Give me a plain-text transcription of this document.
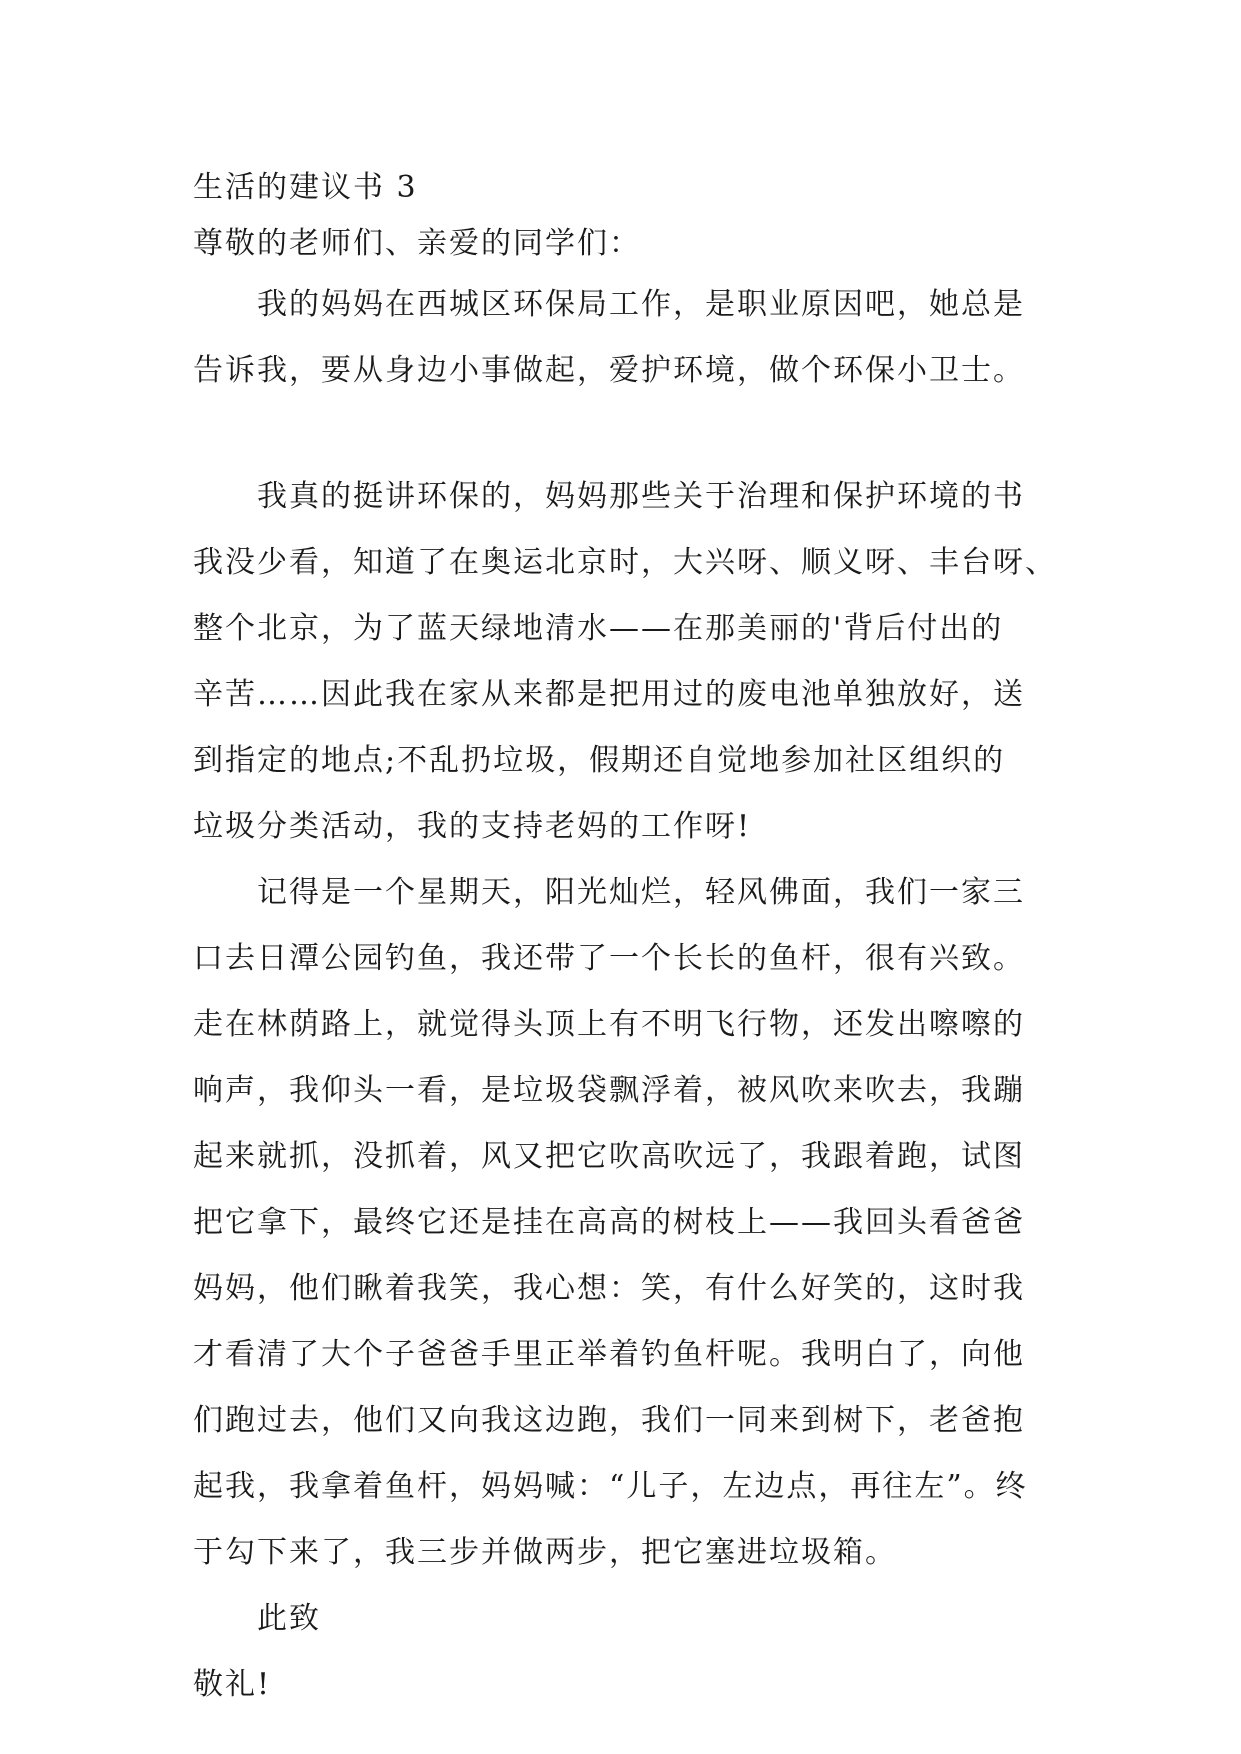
生活的建议书 3
尊敬的老师们、亲爱的同学们：
我的妈妈在西城区环保局工作，是职业原因吧，她总是
告诉我，要从身边小事做起，爱护环境，做个环保小卫士。
我真的挺讲环保的，妈妈那些关于治理和保护环境的书
我没少看，知道了在奥运北京时，大兴呀、顺义呀、丰台呀、
整个北京，为了蓝天绿地清水——在那美丽的'背后付出的
辛苦……因此我在家从来都是把用过的废电池单独放好，送
到指定的地点;不乱扔垃圾，假期还自觉地参加社区组织的
垃圾分类活动，我的支持老妈的工作呀!
记得是一个星期天，阳光灿烂，轻风佛面，我们一家三
口去日潭公园钓鱼，我还带了一个长长的鱼杆，很有兴致。
走在林荫路上，就觉得头顶上有不明飞行物，还发出嚓嚓的
响声，我仰头一看，是垃圾袋飘浮着，被风吹来吹去，我蹦
起来就抓，没抓着，风又把它吹高吹远了，我跟着跑，试图
把它拿下，最终它还是挂在高高的树枝上——我回头看爸爸
妈妈，他们瞅着我笑，我心想：笑，有什么好笑的，这时我
才看清了大个子爸爸手里正举着钓鱼杆呢。我明白了，向他
们跑过去，他们又向我这边跑，我们一同来到树下，老爸抱
起我，我拿着鱼杆，妈妈喊：“儿子，左边点，再往左”。终
于勾下来了，我三步并做两步，把它塞进垃圾箱。
此致
敬礼!
